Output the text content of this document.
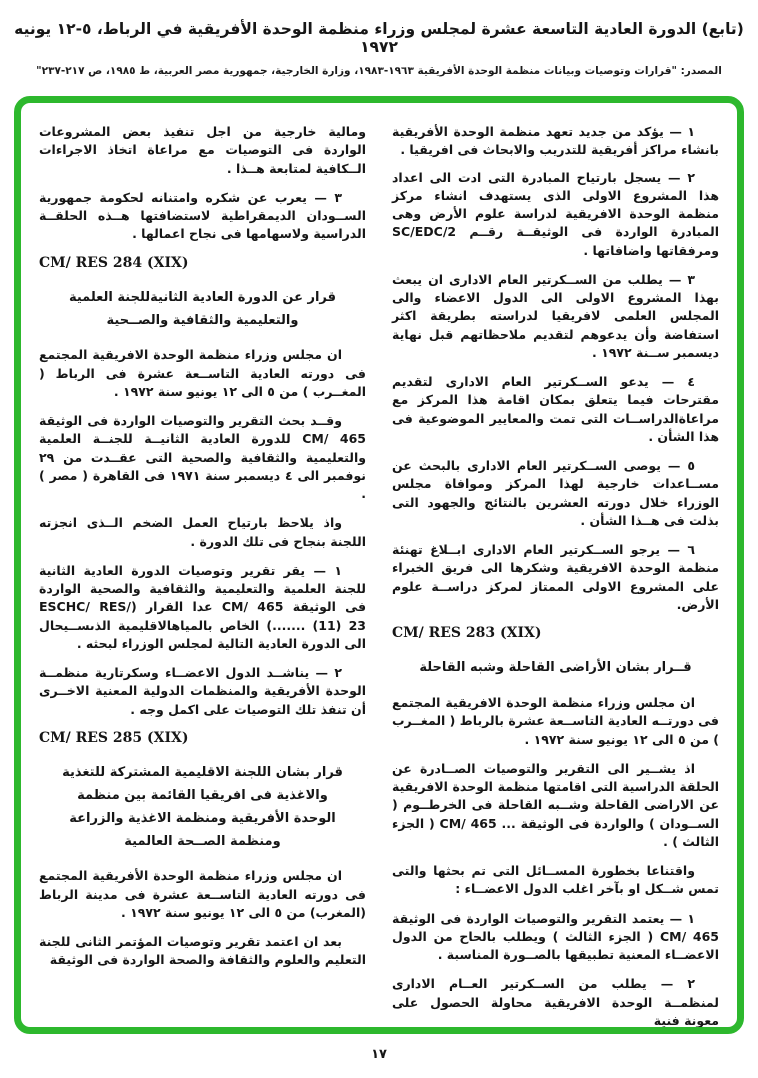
(تابع) الدورة العادية التاسعة عشرة لمجلس وزراء منظمة الوحدة الأفريقية في الرباط، ٥-١٢ يونيه ١٩٧٢
المصدر: "قرارات وتوصيات وبيانات منظمة الوحدة الأفريقية ١٩٦٣-١٩٨٣، وزارة الخارجية، جمهورية مصر العربية، ط ١٩٨٥، ص ٢١٧-٢٣٧"

١ — يؤكد من جديد تعهد منظمة الوحدة الأفريقية بانشاء مراكز أفريقية للتدريب والابحاث فى افريقيا .

٢ — يسجل بارتياح المبادرة التى ادت الى اعداد هذا المشروع الاولى الذى يستهدف انشاء مركز منظمة الوحدة الافريقية لدراسة علوم الأرض وهى المبادرة الواردة فى الوثيقــة رقــم SC/EDC/2 ومرفقاتها واضافاتها .

٣ — يطلب من الســكرتير العام الادارى ان يبعث بهذا المشروع الاولى الى الدول الاعضاء والى المجلس العلمى لافريقيا لدراسته بطريقة اكثر استفاضة وأن يدعوهم لتقديم ملاحظاتهم قبل نهاية ديسمبر ســنة ١٩٧٢ .

٤ — يدعو الســكرتير العام الادارى لتقديم مقترحات فيما يتعلق بمكان اقامة هذا المركز مع مراعاةالدراســات التى تمت والمعايير الموضوعية فى هذا الشأن .

٥ — يوصى الســكرتير العام الادارى بالبحث عن مســاعدات خارجية لهذا المركز وموافاة مجلس الوزراء خلال دورته العشرين بالنتائج والجهود التى بذلت فى هــذا الشأن .

٦ — يرجو الســكرتير العام الادارى ابــلاغ تهنئة منظمة الوحدة الافريقية وشكرها الى فريق الخبراء على المشروع الاولى الممتاز لمركز دراســة علوم الأرض.

CM/ RES 283 (XIX)

قــرار بشان الأراضى القاحلة وشبه القاحلة

ان مجلس وزراء منظمة الوحدة الافريقية المجتمع فى دورتــه العادية التاســعة عشرة بالرباط ( المغــرب ) من ٥ الى ١٢ يونيو سنة ١٩٧٢ .

اذ يشــير الى التقرير والتوصيات الصــادرة عن الحلقة الدراسية التى اقامتها منظمة الوحدة الافريقية عن الاراضى القاحلة وشــبه القاحلة فى الخرطــوم ( الســودان ) والواردة فى الوثيقة ... CM/ 465 ( الجزء الثالث ) .

واقتناعا بخطورة المســائل التى تم بحثها والتى تمس شــكل او بآخر اغلب الدول الاعضــاء :

١ — يعتمد التقرير والتوصيات الواردة فى الوثيقة CM/ 465 ( الجزء الثالث ) ويطلب بالحاح من الدول الاعضــاء المعنية تطبيقها بالصــورة المناسبة .

٢ — يطلب من الســكرتير العــام الادارى لمنظمــة الوحدة الافريقية محاولة الحصول على معونة فنية

ومالية خارجية من اجل تنفيذ بعض المشروعات الواردة فى التوصيات مع مراعاة اتخاذ الاجراءات الــكافية لمتابعة هــذا .

٣ — يعرب عن شكره وامتنانه لحكومة جمهورية الســودان الديمقراطية لاستضافتها هــذه الحلقــة الدراسية ولاسهامها فى نجاح اعمالها .

CM/ RES 284 (XIX)

قرار عن الدورة العادية الثانيةللجنة العلمية والتعليمية والثقافية والصــحية

ان مجلس وزراء منظمة الوحدة الافريقية المجتمع فى دورته العادية التاســعة عشرة فى الرباط ( المغــرب ) من ٥ الى ١٢ يونيو سنة ١٩٧٢ .

وقــد بحث التقرير والتوصيات الواردة فى الوثيقة CM/ 465 للدورة العادية الثانيــة للجنــة العلمية والتعليمية والثقافية والصحية التى عقــدت من ٢٩ نوفمبر الى ٤ ديسمبر سنة ١٩٧١ فى القاهرة ( مصر ) .

واذ يلاحظ بارتياح العمل الضخم الــذى انجزته اللجنة بنجاح فى تلك الدورة .

١ — يقر تقرير وتوصيات الدورة العادية الثانية للجنة العلمية والتعليمية والثقافية والصحية الواردة فى الوثيقة CM/ 465 عدا القرار (ESCHC/ RES/ (....... (11) 23 الخاص بالمياهالاقليمية الذىســيحال الى الدورة العادية التالية لمجلس الوزراء لبحثه .

٢ — يناشــد الدول الاعضــاء وسكرتارية منظمــة الوحدة الأفريقية والمنظمات الدولية المعنية الاخــرى أن تنفذ تلك التوصيات على اكمل وجه .

CM/ RES 285 (XIX)

قرار بشان اللجنة الاقليمية المشتركة للتغذية والاغذية فى افريقيا القائمة بين منظمة الوحدة الأفريقية ومنظمة الاغذية والزراعة ومنظمة الصــحة العالمية

ان مجلس وزراء منظمة الوحدة الأفريقية المجتمع فى دورته العادية التاســعة عشرة فى مدينة الرباط (المغرب) من ٥ الى ١٢ يونيو سنة ١٩٧٢ .

بعد ان اعتمد تقرير وتوصيات المؤتمر الثانى للجنة التعليم والعلوم والثقافة والصحة الواردة فى الوثيقة

١٧
